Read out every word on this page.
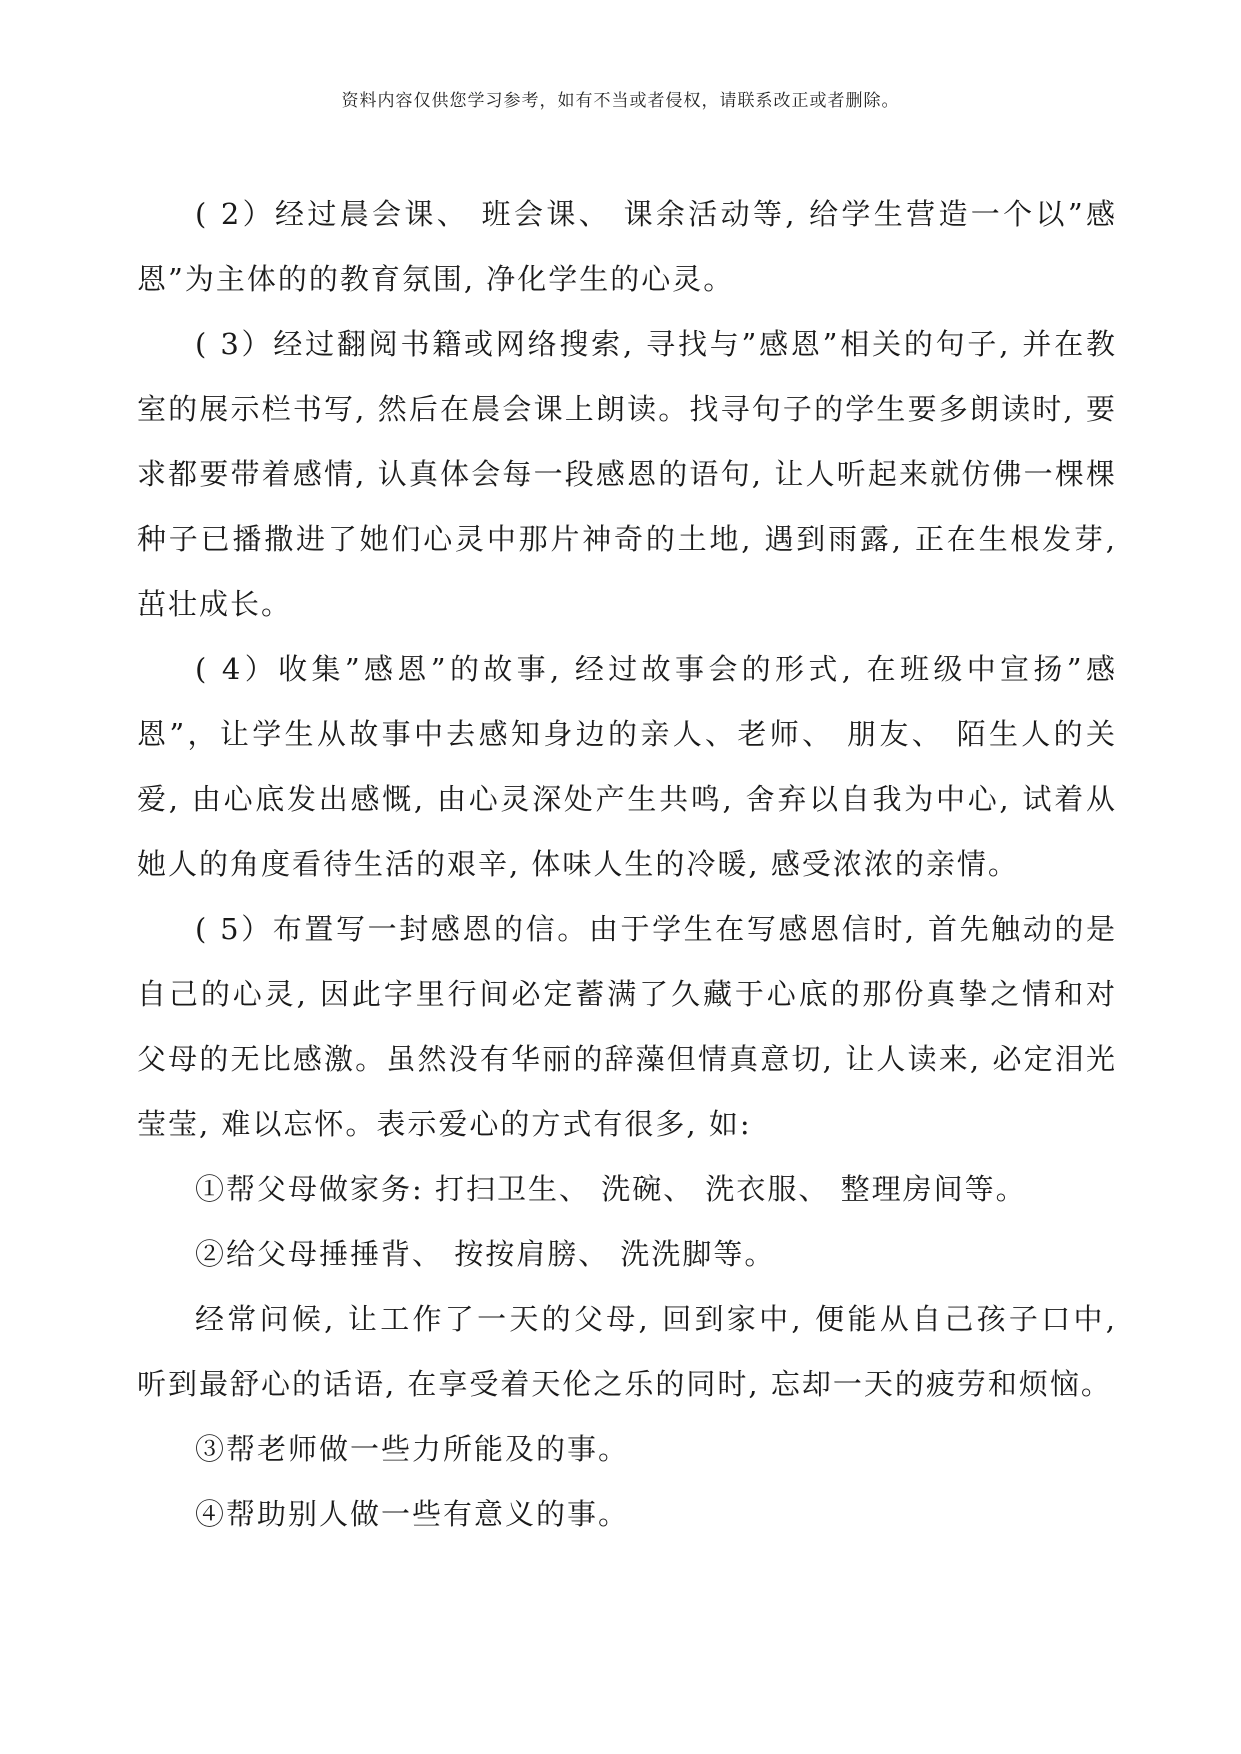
资料内容仅供您学习参考，如有不当或者侵权，请联系改正或者删除。

( 2）经过晨会课、 班会课、 课余活动等, 给学生营造一个以”感恩”为主体的的教育氛围, 净化学生的心灵。

( 3）经过翻阅书籍或网络搜索, 寻找与”感恩”相关的句子, 并在教室的展示栏书写, 然后在晨会课上朗读。找寻句子的学生要多朗读时, 要求都要带着感情, 认真体会每一段感恩的语句, 让人听起来就仿佛一棵棵种子已播撒进了她们心灵中那片神奇的土地, 遇到雨露, 正在生根发芽, 茁壮成长。

( 4）收集”感恩”的故事, 经过故事会的形式, 在班级中宣扬”感恩”，让学生从故事中去感知身边的亲人、老师、 朋友、 陌生人的关爱, 由心底发出感慨, 由心灵深处产生共鸣, 舍弃以自我为中心, 试着从她人的角度看待生活的艰辛, 体味人生的冷暖, 感受浓浓的亲情。

( 5）布置写一封感恩的信。由于学生在写感恩信时, 首先触动的是自己的心灵, 因此字里行间必定蓄满了久藏于心底的那份真挚之情和对父母的无比感激。虽然没有华丽的辞藻但情真意切, 让人读来, 必定泪光莹莹, 难以忘怀。表示爱心的方式有很多, 如:

①帮父母做家务: 打扫卫生、 洗碗、 洗衣服、 整理房间等。

②给父母捶捶背、 按按肩膀、 洗洗脚等。

经常问候, 让工作了一天的父母, 回到家中, 便能从自己孩子口中, 听到最舒心的话语, 在享受着天伦之乐的同时, 忘却一天的疲劳和烦恼。

③帮老师做一些力所能及的事。

④帮助别人做一些有意义的事。
